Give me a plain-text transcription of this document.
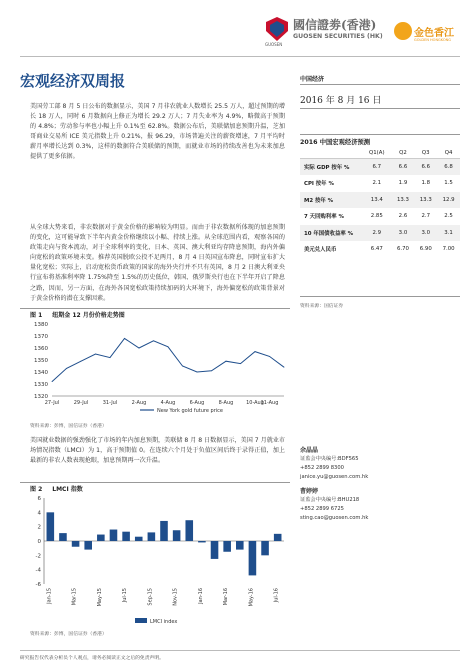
GUOSEN
國信證劵(香港)
GUOSEN SECURITIES (HK)	金色香江
GOLDEN HONGKONG
宏观经济双周报	中国经济
2016 年 8 月 16 日

美国劳工部 8 月 5 日公布的数据显示，美国 7 月非农就业人数增长 25.5 万人，超过预期的增长 18 万人，同时 6 月数据向上修正为增长 29.2 万人；7 月失业率为 4.9%，略微高于预期的 4.8%；劳动参与率也小幅上升 0.1%至 62.8%。数据公布后，美联储加息预期升温，芝加哥商业交易所 ICE 美元指数上升 0.21%，报 96.29，市场普遍关注的薪资增速，7 月平均时薪月率增长达到 0.3%，这样的数据符合美联储的预期，而就业市场的持续改善也为未来加息提供了更多依据。

从全球大势来看，非农数据对于黄金价格的影响较为明显。而由于非农数据所体现的加息预期的变化，这可能导致下半年内黄金价格继续以小幅、持续上涨。从全球范围内看，观察各国的政策走向与资本流动，对于全球利率的变化，日本、英国、澳大利亚均存降息预期，海内外偏向宽松的政策环境未变。推荐英国脱欧公投不足两月，8 月 4 日英国宣布降息，同时宣布扩大量化宽松；实际上，启动宽松货币政策的国家的海外央行并不只有英国，8 月 2 日澳大利亚央行宣布将基准利率降 1.75%降至 1.5%的历史低位，韩国、俄罗斯央行也在下半年开启了降息之路，因而，另一方面，在海外各国宽松政策持续加码的大环境下，海外偏宽松的政策背景对于黄金价格的潜在支撑因素。

图 1 纽期金 12 月份价格走势图
1320
1330
1340
1350
1360
1370
1380
27-Jul	29-Jul	31-Jul	2-Aug	4-Aug	6-Aug	8-Aug	10-Aug
11-Aug
New York gold future price
资料来源：彭博，国信证券（香港）

美国就业数据的强劲强化了市场的年内加息预期，美联储 8 月 8 日数据显示，美国 7 月就业市场情况指数（LMCI）为 1，高于预期值 0。在连续六个月处于负值区间后终于录得正值，加上最新的非农人数表现抢眼，加息预期再一次升温。

图 2 LMCI 指数
-6
-4
-2
0
2
4
6
Jan-15	Mar-15	May-15	Jul-15	Sep-15	Nov-15	Jan-16	Mar-16	May-16	Jul-16
LMCI index
资料来源：彭博，国信证券（香港）
2016 中国宏观经济预测
	Q1(A)	Q2	Q3	Q4
实际 GDP 按年 %	6.7	6.6	6.6	6.8
CPI 按年 %	2.1	1.9	1.8	1.5
M2 按年 %	13.4	13.3	13.3	12.9
7 天回购利率 %	2.85	2.6	2.7	2.5
10 年国债收益率 %	2.9	3.0	3.0	3.1
美元兑人民币	6.47	6.70	6.90	7.00
资料来源：国信证券
余晶晶
证监会中央编号:BDF565
+852 2899 8300
janice.yu@guosen.com.hk
曹婷婷
证监会中央编号:BHU218
+852 2899 6725
sting.cao@guosen.com.hk
研究报告仅代表分析员个人观点，请务必阅读正文之后的免责声明。
